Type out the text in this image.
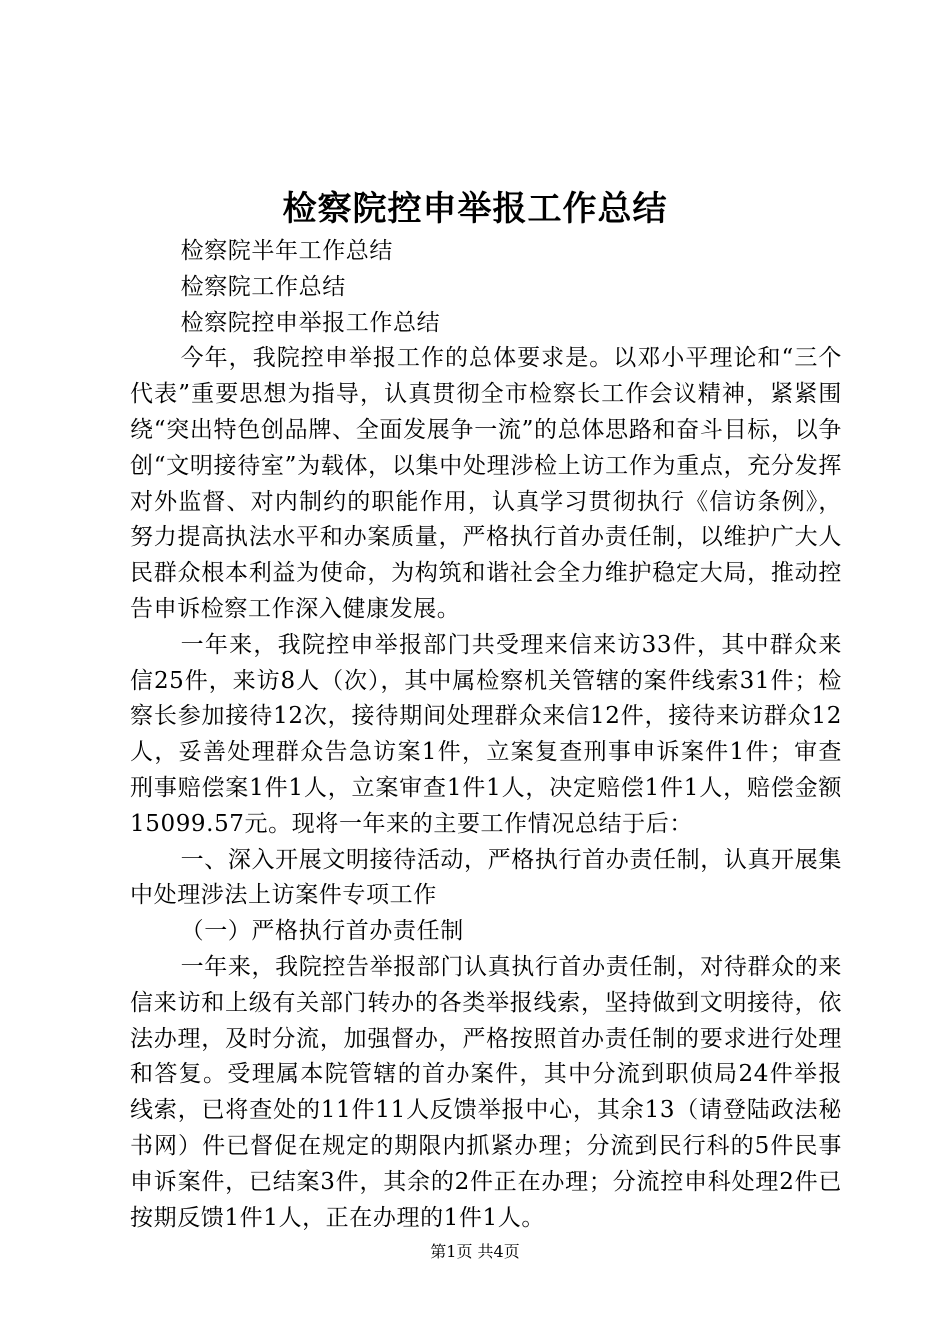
检察院控申举报工作总结

检察院半年工作总结

检察院工作总结

检察院控申举报工作总结

今年，我院控申举报工作的总体要求是。以邓小平理论和“三个代表”重要思想为指导，认真贯彻全市检察长工作会议精神，紧紧围绕“突出特色创品牌、全面发展争一流”的总体思路和奋斗目标，以争创“文明接待室”为载体，以集中处理涉检上访工作为重点，充分发挥对外监督、对内制约的职能作用，认真学习贯彻执行《信访条例》，努力提高执法水平和办案质量，严格执行首办责任制，以维护广大人民群众根本利益为使命，为构筑和谐社会全力维护稳定大局，推动控告申诉检察工作深入健康发展。

一年来，我院控申举报部门共受理来信来访33件，其中群众来信25件，来访8人（次），其中属检察机关管辖的案件线索31件；检察长参加接待12次，接待期间处理群众来信12件，接待来访群众12人，妥善处理群众告急访案1件，立案复查刑事申诉案件1件；审查刑事赔偿案1件1人，立案审查1件1人，决定赔偿1件1人，赔偿金额15099.57元。现将一年来的主要工作情况总结于后：

一、深入开展文明接待活动，严格执行首办责任制，认真开展集中处理涉法上访案件专项工作

（一）严格执行首办责任制

一年来，我院控告举报部门认真执行首办责任制，对待群众的来信来访和上级有关部门转办的各类举报线索，坚持做到文明接待，依法办理，及时分流，加强督办，严格按照首办责任制的要求进行处理和答复。受理属本院管辖的首办案件，其中分流到职侦局24件举报线索，已将查处的11件11人反馈举报中心，其余13（请登陆政法秘书网）件已督促在规定的期限内抓紧办理；分流到民行科的5件民事申诉案件，已结案3件，其余的2件正在办理；分流控申科处理2件已按期反馈1件1人，正在办理的1件1人。

第1页 共4页
